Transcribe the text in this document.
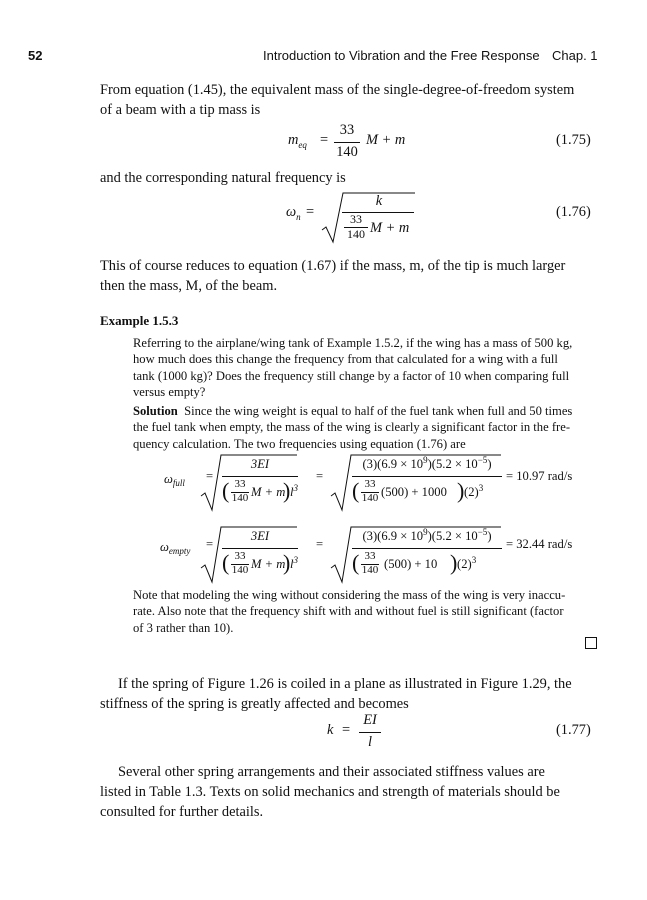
52	Introduction to Vibration and the Free Response Chap. 1
From equation (1.45), the equivalent mass of the single-degree-of-freedom system
of a beam with a tip mass is
$m_{eq}$ =
33
140
M + m	(1.75)
and the corresponding natural frequency is
$\omega_n$ =
k
33
140 M + m
(1.76)
This of course reduces to equation (1.67) if the mass, m, of the tip is much larger
then the mass, M, of the beam.
Example 1.5.3
Referring to the airplane/wing tank of Example 1.5.2, if the wing has a mass of 500 kg,
how much does this change the frequency from that calculated for a wing with a full
tank (1000 kg)? Does the frequency still change by a factor of 10 when comparing full
versus empty?
Solution Since the wing weight is equal to half of the fuel tank when full and 50 times
the fuel tank when empty, the mass of the wing is clearly a significant factor in the fre-
quency calculation. The two frequencies using equation (1.76) are
$\omega_{full}$ =
3EI
( 33
140 M + m
) $l^3$
=
$(3)(6.9 \times 10^9)(5.2 \times 10^{-5})$
( 33
140 (500) + 1000 ) $(2)^3$
= 10.97 rad/s
$\omega_{empty}$ =
3EI
( 33
140 M + m
) $l^3$
=
$(3)(6.9 \times 10^9)(5.2 \times 10^{-5})$
( 33
140 (500) + 10 ) $(2)^3$
= 32.44 rad/s
Note that modeling the wing without considering the mass of the wing is very inaccu-
rate. Also note that the frequency shift with and without fuel is still significant (factor
of 3 rather than 10).
If the spring of Figure 1.26 is coiled in a plane as illustrated in Figure 1.29, the
stiffness of the spring is greatly affected and becomes
k =
EI
l
(1.77)
Several other spring arrangements and their associated stiffness values are
listed in Table 1.3. Texts on solid mechanics and strength of materials should be
consulted for further details.
